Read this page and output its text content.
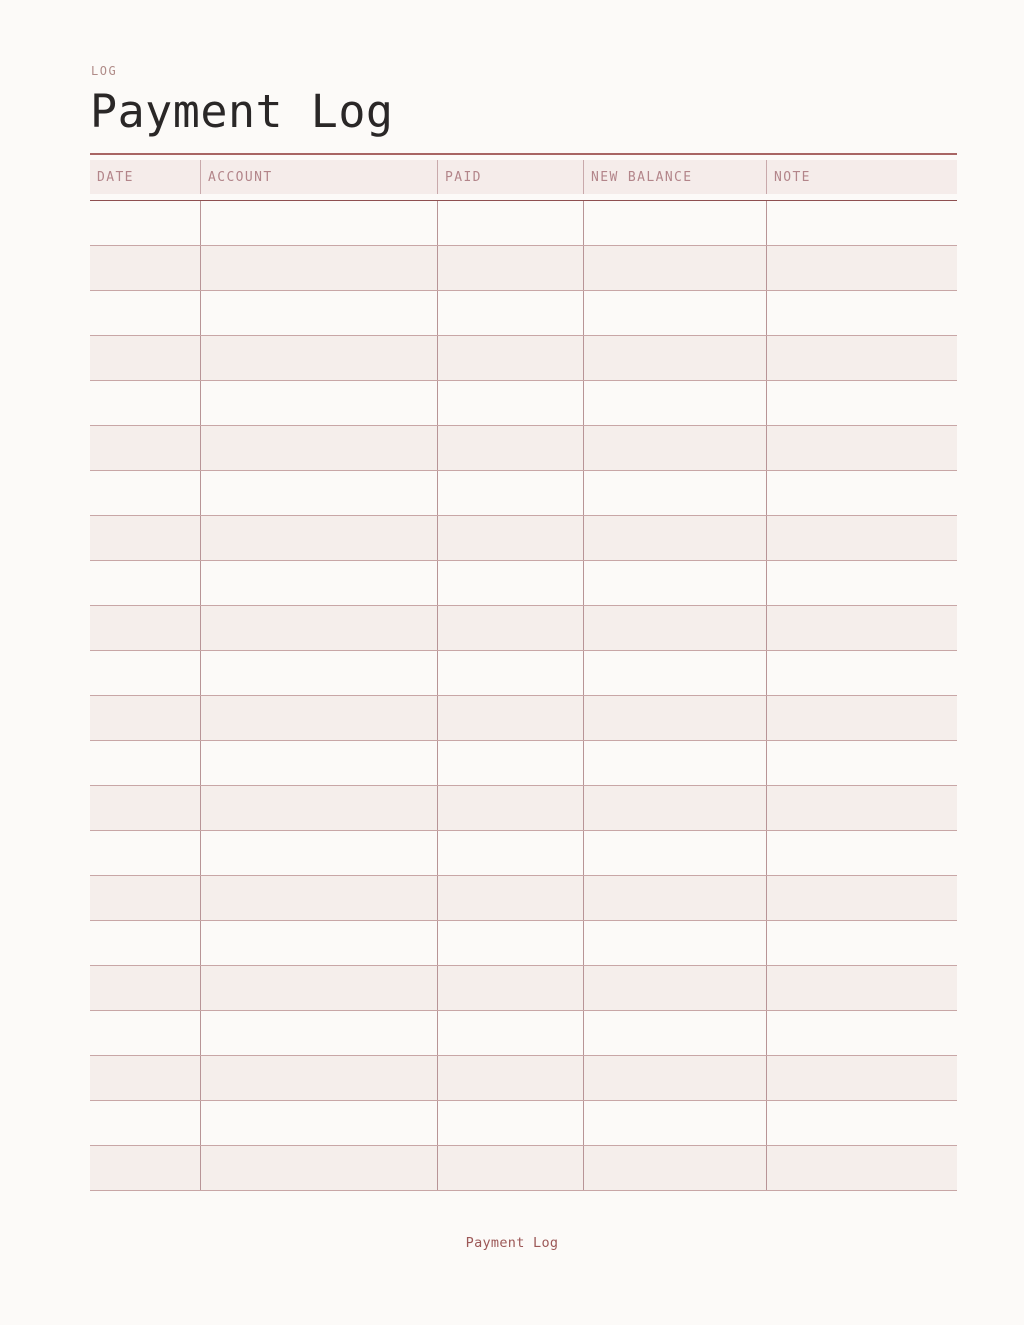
LOG
Payment Log
DATE	ACCOUNT	PAID	NEW BALANCE	NOTE
Payment Log
